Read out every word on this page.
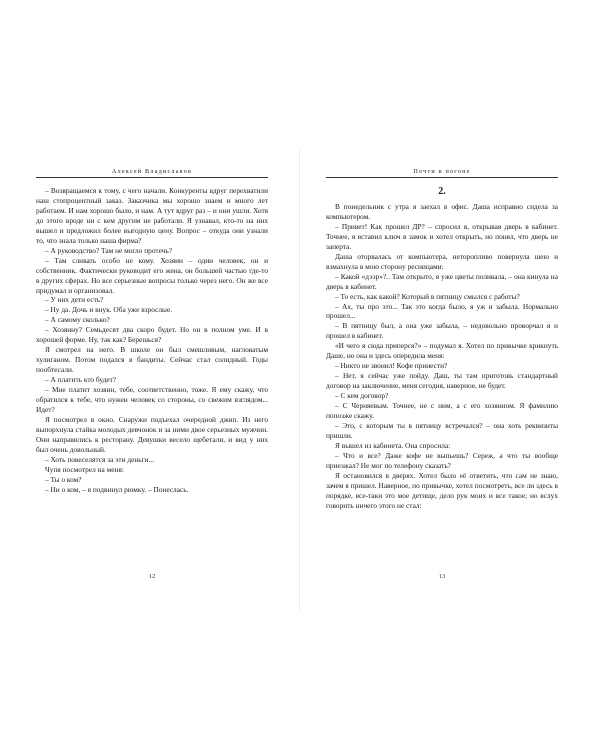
Алексей Владиславов

– Возвращаемся к тому, с чего начали. Конкуренты вдруг перехватили наш стопроцентный заказ. Заказчика мы хорошо знаем и много лет работаем. И нам хорошо было, и нам. А тут вдруг раз – и они ушли. Хотя до этого вроде ни с кем другим не работали. Я узнавал, кто-то на них вышел и предложил более выгодную цену. Вопрос – откуда они узнали то, что знала только наша фирма?

– А руководство? Там не могло протечь?

– Там сливать особо не кому. Хозяин – один человек, он и собственник. Фактически руководит его жена, он большей частью где-то в других сферах. Но все серьезные вопросы только через него. Он же все придумал и организовал.

– У них дети есть?

– Ну да. Дочь и внук. Оба уже взрослые.

– А самому сколько?

– Хозяину? Семьдесят два скоро будет. Но он в полном уме. И в хорошей форме. Ну, так как? Берешься?

Я смотрел на него. В школе он был смешливым, нагловатым хулиганом. Потом подался в бандиты. Сейчас стал солидный. Годы пообтесали.

– А платить кто будет?

– Мне платит хозяин, тебе, соответственно, тоже. Я ему скажу, что обратился к тебе, что нужен человек со стороны, со свежим взглядом... Идет?

Я посмотрел в окно. Снаружи подъехал очередной джип. Из него выпорхнула стайка молодых девчонок и за ними двое серьезных мужчин. Они направились к ресторану. Девушки весело щебетали, и вид у них был очень довольный.

– Хоть повеселятся за эти деньги...

Чупя посмотрел на меня:

– Ты о ком?

– Ни о ком, – я подвинул рюмку. – Понеслась.

Почти в погоне
2.

В понедельник с утра я заехал в офис. Даша исправно сидела за компьютером.

– Привет! Как прошел ДР? – спросил я, открывая дверь в кабинет. Точнее, я вставил ключ в замок и хотел открыть, но понял, что дверь не заперта.

Даша оторвалась от компьютера, неторопливо повернула шею и взмахнула в мою сторону ресницами:

– Какой «дээр»?.. Там открыто, я уже цветы поливала, – она кинула на дверь в кабинет.

– То есть, как какой? Который в пятницу смылся с работы?

– Ах, ты про это... Так это когда было, я уж и забыла. Нормально прошел...

– В пятницу был, а она уже забыла, – недовольно проворчал я и прошел в кабинет.

«И чего я сюда приперся?» – подумал я. Хотел по привычке крикнуть Даше, но она и здесь опередила меня:

– Никто не звонил! Кофе принести?

– Нет, я сейчас уже пойду. Даш, ты там приготовь стандартный договор на заключение, меня сегодня, наверное, не будет.

– С кем договор?

– С Черняевым. Точнее, не с ним, а с его хозяином. Я фамилию попозже скажу.

– Это, с которым ты в пятницу встречался? – она хоть реквизиты пришли.

Я вышел из кабинета. Она спросила:

– Что и все? Даже кофе не выпьешь? Сереж, а что ты вообще приезжал? Не мог по телефону сказать?

Я остановился в дверях. Хотел было её ответить, что сам не знаю, зачем я пришел. Наверное, по привычке, хотел посмотреть, все ли здесь в порядке, все-таки это мое детище, дело рук моих и все такое; но вслух говорить ничего этого не стал:

12	13
